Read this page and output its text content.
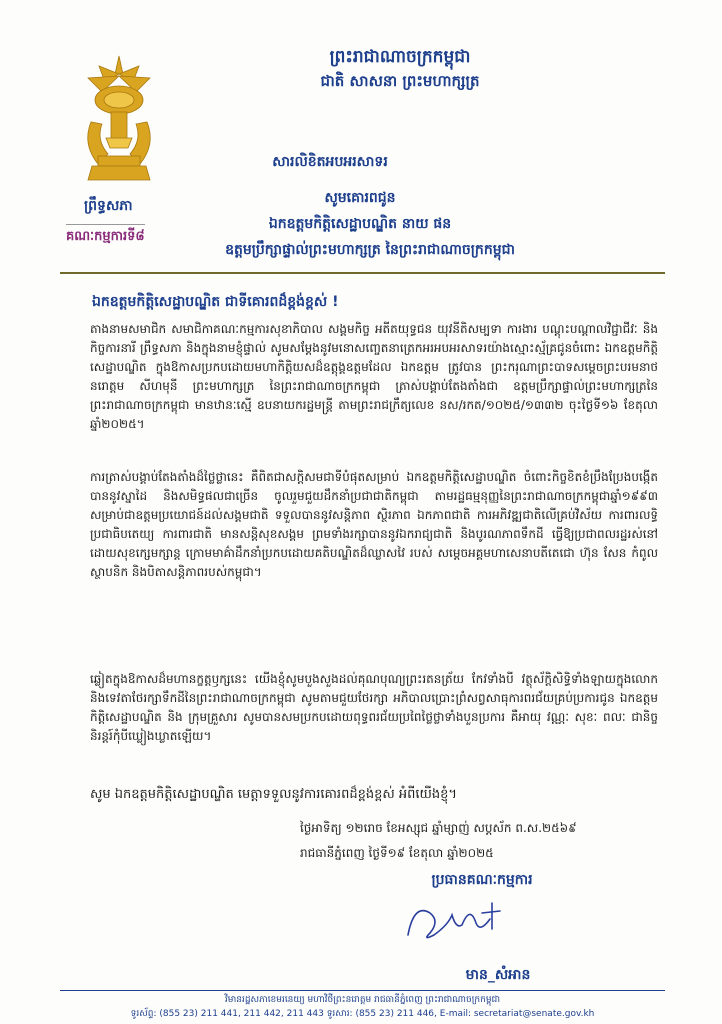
ព្រឹទ្ធសភា
គណៈកម្មការទី៨
ព្រះរាជាណាចក្រកម្ពុជា
ជាតិ សាសនា ព្រះមហាក្សត្រ
សារលិខិតអបអរសាទរ
សូមគោរពជូន
ឯកឧត្តមកិត្តិសេដ្ឋាបណ្ឌិត នាយ ផន
ឧត្តមប្រឹក្សាផ្ទាល់ព្រះមហាក្សត្រ នៃព្រះរាជាណាចក្រកម្ពុជា
ឯកឧត្តមកិត្តិសេដ្ឋាបណ្ឌិត ជាទីគោរពដ៏ខ្ពង់ខ្ពស់ !
តាងនាមសមាជិក សមាជិកាគណៈកម្មការសុខាភិបាល សង្គមកិច្ច អតីតយុទ្ធជន យុវនីតិសម្បទា ការងារ បណ្តុះបណ្តាលវិជ្ជាជីវៈ និងកិច្ចការនារី ព្រឹទ្ធសភា និងក្នុងនាមខ្ញុំផ្ទាល់ សូមសម្តែងនូវមនោសញ្ចេតនាត្រេកអរអបអរសាទរយ៉ាងស្មោះស្ម័គ្រជូនចំពោះ ឯកឧត្តមកិត្តិសេដ្ឋាបណ្ឌិត ក្នុងឱកាសប្រកបដោយមហាកិត្តិយសដ៏ឧត្តុង្គឧត្តមដែល ឯកឧត្តម ត្រូវបាន ព្រះករុណាព្រះបាទសម្តេចព្រះបរមនាថ នរោត្តម សីហមុនី ព្រះមហាក្សត្រ នៃព្រះរាជាណាចក្រកម្ពុជា ត្រាស់បង្គាប់តែងតាំងជា ឧត្តមប្រឹក្សាផ្ទាល់ព្រះមហាក្សត្រនៃព្រះរាជាណាចក្រកម្ពុជា មានឋានៈស្មើ ឧបនាយករដ្ឋមន្ត្រី តាមព្រះរាជក្រឹត្យលេខ នស/រកត/១០២៥/១៣៣២ ចុះថ្ងៃទី១៦ ខែតុលា ឆ្នាំ២០២៥។
ការត្រាស់បង្គាប់តែងតាំងដ៏ថ្លៃថ្លានេះ គឺពិតជាសក្តិសមជាទីបំផុតសម្រាប់ ឯកឧត្តមកិត្តិសេដ្ឋាបណ្ឌិត ចំពោះកិច្ចខិតខំប្រឹងប្រែងបង្កើតបាននូវស្នាដៃ និងសមិទ្ធផលជាច្រើន ចូលរួមជួយដឹកនាំប្រជាជាតិកម្ពុជា តាមរដ្ឋធម្មនុញ្ញនៃព្រះរាជាណាចក្រកម្ពុជាឆ្នាំ១៩៩៣ សម្រាប់ជាឧត្តមប្រយោជន៍ដល់សង្គមជាតិ ទទួលបាននូវសន្តិភាព ស្ថិរភាព ឯកភាពជាតិ ការអភិវឌ្ឍជាតិលើគ្រប់វិស័យ ការពារលទ្ធិប្រជាធិបតេយ្យ ការពារជាតិ មានសន្តិសុខសង្គម ព្រមទាំងរក្សាបាននូវឯករាជ្យជាតិ និងបូរណភាពទឹកដី ធ្វើឱ្យប្រជាពលរដ្ឋរស់នៅដោយសុខក្សេមក្សាន្ត ក្រោមមាគ៌ាដឹកនាំប្រកបដោយគតិបណ្ឌិតដ៏ឈ្លាសវៃ របស់ សម្តេចអគ្គមហាសេនាបតីតេជោ ហ៊ុន សែន កំពូលស្ថាបនិក និងបិតាសន្តិភាពរបស់កម្ពុជា។
ឆ្លៀតក្នុងឱកាសដ៏មហានក្ខត្តឫក្សនេះ យើងខ្ញុំសូមបួងសួងដល់គុណបុណ្យព្រះរតនត្រ័យ កែវទាំងបី វត្ថុស័ក្តិសិទ្ធិទាំងឡាយក្នុងលោក និងទេវតាថែរក្សាទឹកដីនៃព្រះរាជាណាចក្រកម្ពុជា សូមតាមជួយថែរក្សា អភិបាលប្រោះព្រំសព្វសាធុការពរជ័យគ្រប់ប្រការជូន ឯកឧត្តមកិត្តិសេដ្ឋាបណ្ឌិត និង ក្រុមគ្រួសារ សូមបានសមប្រកបដោយពុទ្ធពរជ័យប្រពៃថ្លៃថ្លាទាំងបួនប្រការ គឺអាយុ វណ្ណៈ សុខៈ ពលៈ ជានិច្ចនិរន្តរ៍កុំបីឃ្លៀងឃ្លាតឡើយ។
សូម ឯកឧត្តមកិត្តិសេដ្ឋាបណ្ឌិត មេត្តាទទួលនូវការគោរពដ៏ខ្ពង់ខ្ពស់ អំពីយើងខ្ញុំ។
ថ្ងៃអាទិត្យ ១២រោច ខែអស្សុជ ឆ្នាំម្សាញ់ សប្តស័ក ព.ស.២៥៦៩
រាជធានីភ្នំពេញ ថ្ងៃទី១៩ ខែតុលា ឆ្នាំ២០២៥
ប្រធានគណៈកម្មការ
មាន_សំអាន
វិមានរដ្ឋសភាខេមរនេយ្យ មហាវិថីព្រះនរោត្តម រាជធានីភ្នំពេញ ព្រះរាជាណាចក្រកម្ពុជា
ទូរស័ព្ទ: (855 23) 211 441, 211 442, 211 443 ទូរសារ: (855 23) 211 446, E-mail: secretariat@senate.gov.kh
